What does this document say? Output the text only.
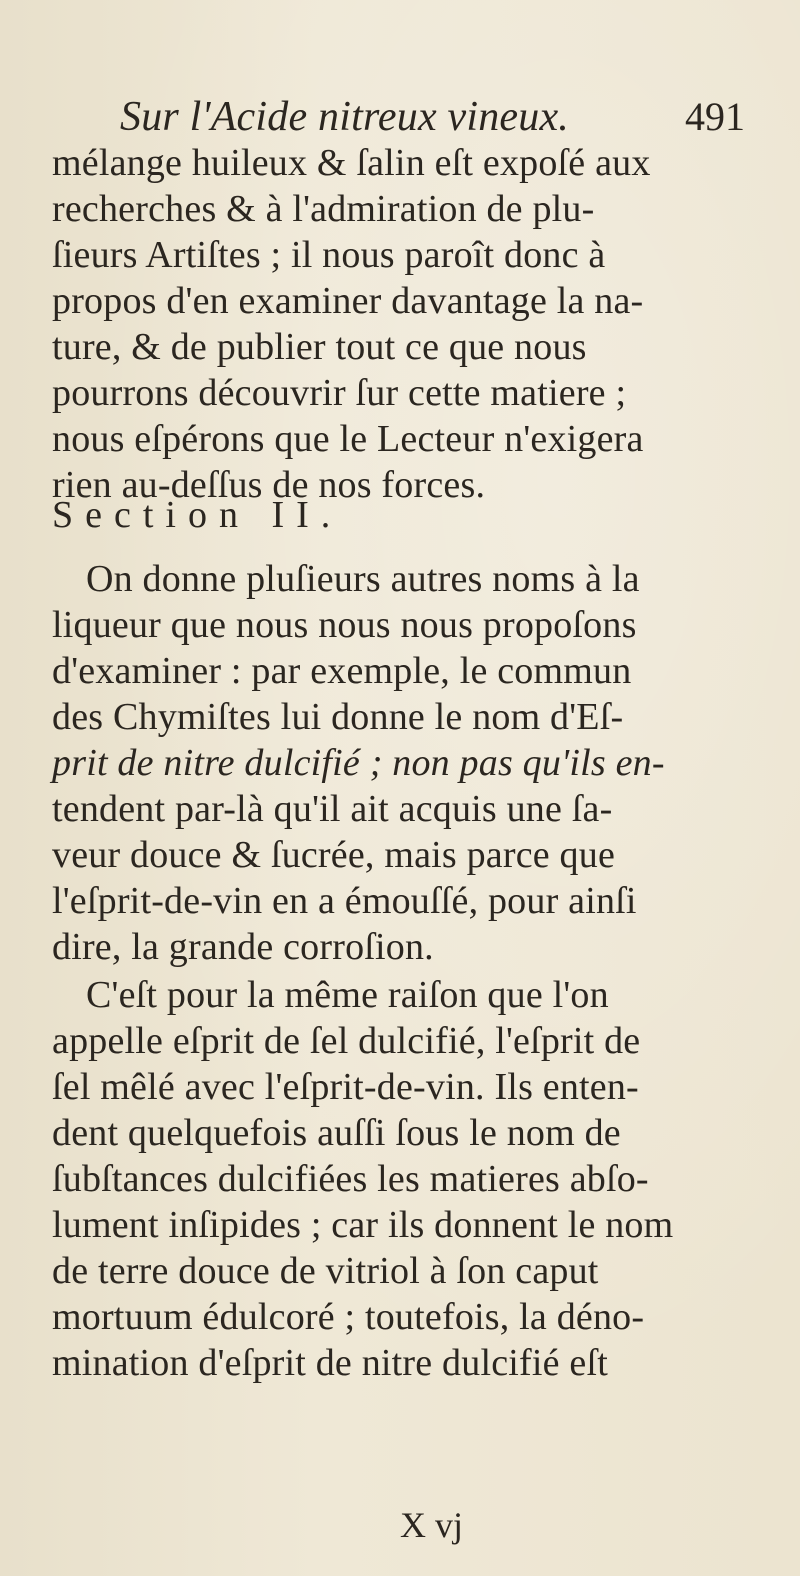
Sur l'Acide nitreux vineux.	491
mélange huileux & ſalin eſt expoſé aux
recherches & à l'admiration de plu-
ſieurs Artiſtes ; il nous paroît donc à
propos d'en examiner davantage la na-
ture, & de publier tout ce que nous
pourrons découvrir ſur cette matiere ;
nous eſpérons que le Lecteur n'exigera
rien au-deſſus de nos forces.
Section II.
On donne pluſieurs autres noms à la
liqueur que nous nous nous propoſons
d'examiner : par exemple, le commun
des Chymiſtes lui donne le nom d'Eſ-
prit de nitre dulcifié ; non pas qu'ils en-
tendent par-là qu'il ait acquis une ſa-
veur douce & ſucrée, mais parce que
l'eſprit-de-vin en a émouſſé, pour ainſi
dire, la grande corroſion.
C'eſt pour la même raiſon que l'on
appelle eſprit de ſel dulcifié, l'eſprit de
ſel mêlé avec l'eſprit-de-vin. Ils enten-
dent quelquefois auſſi ſous le nom de
ſubſtances dulcifiées les matieres abſo-
lument inſipides ; car ils donnent le nom
de terre douce de vitriol à ſon caput
mortuum édulcoré ; toutefois, la déno-
mination d'eſprit de nitre dulcifié eſt
X vj
